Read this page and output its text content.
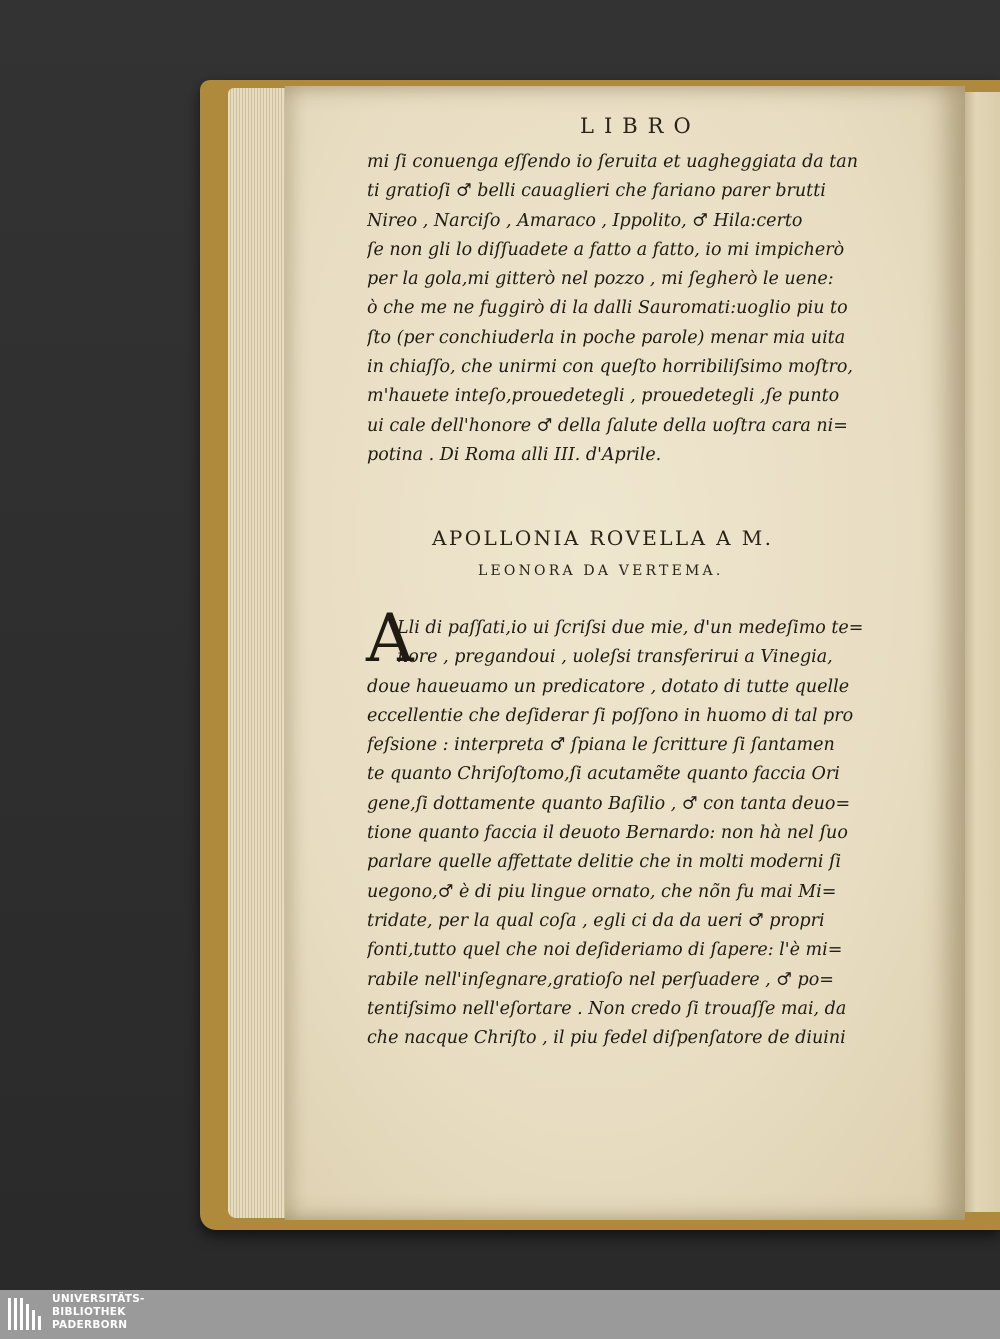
LIBRO
mi ſi conuenga eſſendo io ſeruita et uagheggiata da tan
ti gratioſi ♂ belli cauaglieri che fariano parer brutti
Nireo , Narciſo , Amaraco , Ippolito, ♂ Hila:certo
ſe non gli lo diſſuadete a fatto a fatto, io mi impicherò
per la gola,mi gitterò nel pozzo , mi ſegherò le uene:
ò che me ne fuggirò di la dalli Sauromati:uoglio piu to
ſto (per conchiuderla in poche parole) menar mia uita
in chiaſſo, che unirmi con queſto horribiliſsimo moſtro,
m'hauete inteſo,prouedetegli , prouedetegli ,ſe punto
ui cale dell'honore ♂ della ſalute della uoſtra cara ni=
potina . Di Roma alli III. d'Aprile.
APOLLONIA ROVELLA A M.
LEONORA DA VERTEMA.
A
Lli di paſſati,io ui ſcriſsi due mie, d'un medeſimo te=
nore , pregandoui , uoleſsi transferirui a Vinegia,
doue haueuamo un predicatore , dotato di tutte quelle
eccellentie che deſiderar ſi poſſono in huomo di tal pro
feſsione : interpreta ♂ ſpiana le ſcritture ſi ſantamen
te quanto Chriſoſtomo,ſi acutamẽte quanto faccia Ori
gene,ſi dottamente quanto Baſilio , ♂ con tanta deuo=
tione quanto faccia il deuoto Bernardo: non hà nel ſuo
parlare quelle affettate delitie che in molti moderni ſi
uegono,♂ è di piu lingue ornato, che nõn fu mai Mi=
tridate, per la qual coſa , egli ci da da ueri ♂ propri
fonti,tutto quel che noi deſideriamo di ſapere: l'è mi=
rabile nell'inſegnare,gratioſo nel perſuadere , ♂ po=
tentiſsimo nell'eſortare . Non credo ſi trouaſſe mai, da
che nacque Chriſto , il piu fedel diſpenſatore de diuini
UNIVERSITÄTS-
BIBLIOTHEK
PADERBORN
